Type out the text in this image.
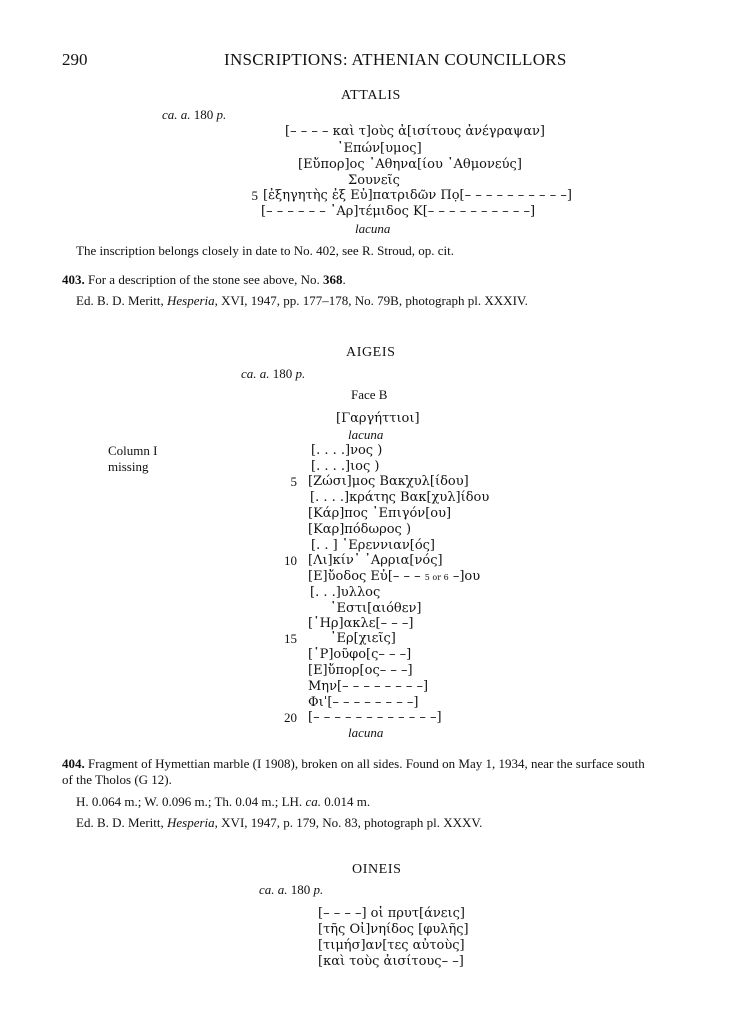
290	INSCRIPTIONS: ATHENIAN COUNCILLORS
ATTALIS
ca. a. 180 p.
[– – – – καὶ τ]οὺς ἀ[ισίτους ἀνέγραψαν]
᾿Επών[υμος]
[Εὔπορ]ος ᾿Αθηνα[ίου ᾿Αθμονεύς]
Σουνεῖς
5 [ἐξηγητὴς ἐξ Εὐ]πατριδῶν Πọ[– – – – – – – – – –]
[– – – – – – ᾿Αρ]τέμιδος Κ[– – – – – – – – – –]
lacuna
The inscription belongs closely in date to No. 402, see R. Stroud, op. cit.
403. For a description of the stone see above, No. 368.
Ed. B. D. Meritt, Hesperia, XVI, 1947, pp. 177–178, No. 79B, photograph pl. XXXIV.
AIGEIS
ca. a. 180 p.
Face B
Column I
missing
[Γαργήττιοι]
lacuna
[. . . .]νος )
[. . . .]ιος )
5 [Ζώσι]μος Βακχυλ[ίδου]
[. . . .]κράτης Βακ[χυλ]ίδου
[Κάρ]πος ᾿Επιγόν[ου]
[Καρ]πόδωρος )
[. . ] ῾Ερεννιαν[ός]
10 [Λι]κίν᾿ ᾿Αρρια[νός]
[Ε]ὔοδος Εὐ[– – – 5 or 6 –]ου
[. . .]υλλος
῾Εστι[αιόθεν]
[῾Ηρ]ακλε[– – –]
15	᾿Ερ[χιεῖς]
[῾Ρ]οῦφο[ς– – –]
[Ε]ὔπορ[ος– – –]
Μην[– – – – – – – –]
Φιˈ[– – – – – – – –]
20 [– – – – – – – – – – – –]
lacuna
404. Fragment of Hymettian marble (I 1908), broken on all sides. Found on May 1, 1934, near the surface south
of the Tholos (G 12).
H. 0.064 m.; W. 0.096 m.; Th. 0.04 m.; LH. ca. 0.014 m.
Ed. B. D. Meritt, Hesperia, XVI, 1947, p. 179, No. 83, photograph pl. XXXV.
OINEIS
ca. a. 180 p.
[– – – –] οἱ πρυτ[άνεις]
[τῆς Οἰ]νηίδος [φυλῆς]
[τιμήσ]αν[τες αὐτοὺς]
[καὶ τοὺς ἀισίτους– –]
